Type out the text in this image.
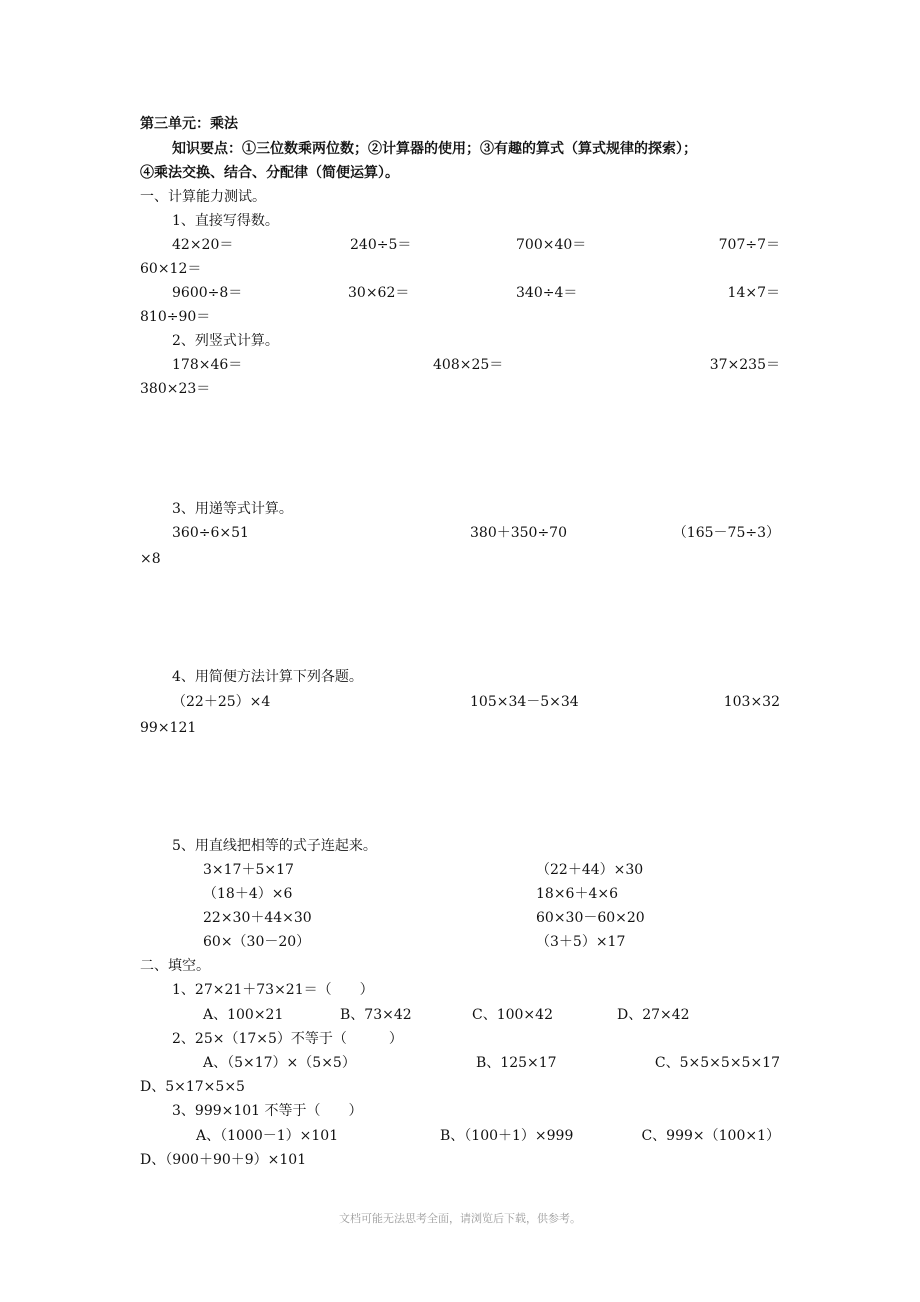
第三单元：乘法
知识要点：①三位数乘两位数；②计算器的使用；③有趣的算式（算式规律的探索）；
④乘法交换、结合、分配律（简便运算）。
一、计算能力测试。
1、直接写得数。
42×20＝	240÷5＝	700×40＝	707÷7＝
60×12＝
9600÷8＝	30×62＝	340÷4＝	14×7＝
810÷90＝
2、列竖式计算。
178×46＝	408×25＝	37×235＝
380×23＝
3、用递等式计算。
360÷6×51	380＋350÷70	（165－75÷3）
×8
4、用简便方法计算下列各题。
（22＋25）×4	105×34－5×34	103×32
99×121
5、用直线把相等的式子连起来。
3×17＋5×17	（22＋44）×30
（18＋4）×6	18×6＋4×6
22×30＋44×30	60×30－60×20
60×（30－20）	（3＋5）×17
二、填空。
1、27×21＋73×21＝（　　）
A、100×21	B、73×42	C、100×42	D、27×42
2、25×（17×5）不等于（　　　）
A、（5×17）×（5×5）	B、125×17	C、5×5×5×5×17
D、5×17×5×5
3、999×101 不等于（　　）
A、（1000－1）×101	B、（100＋1）×999	C、999×（100×1）
D、（900＋90＋9）×101
文档可能无法思考全面，请浏览后下载，供参考。
